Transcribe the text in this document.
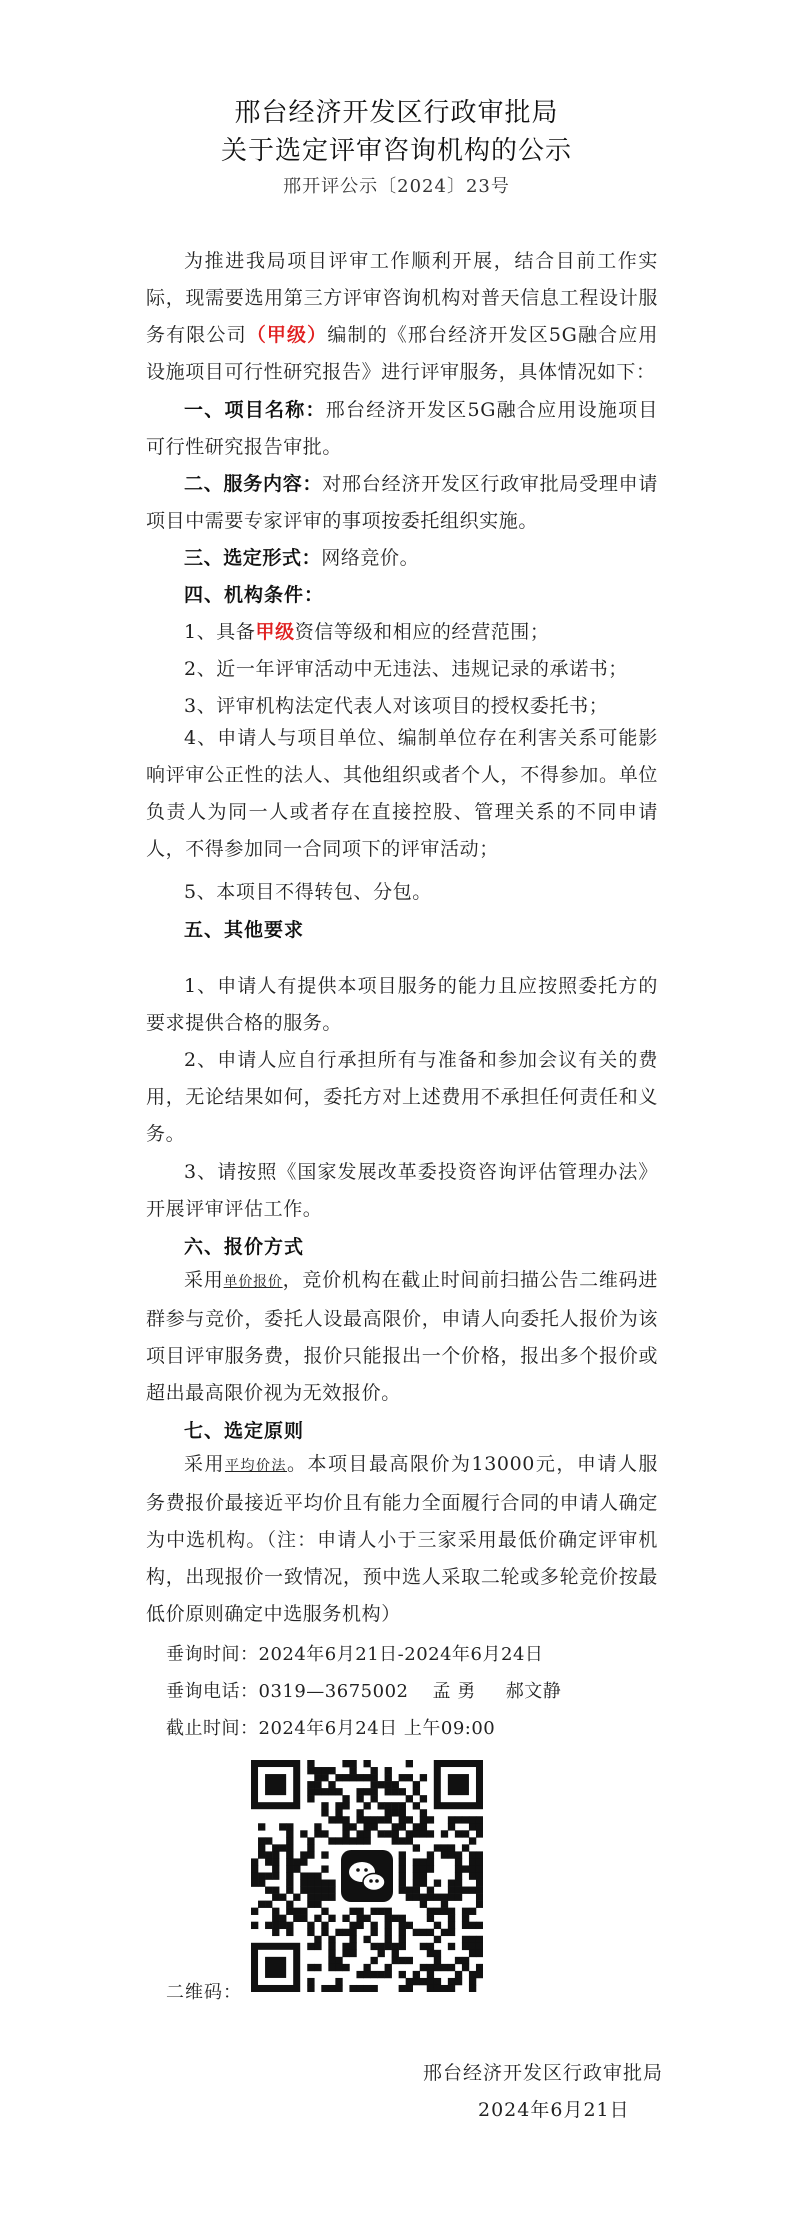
邢台经济开发区行政审批局
关于选定评审咨询机构的公示
邢开评公示〔2024〕23号
为推进我局项目评审工作顺利开展，结合目前工作实际，现需要选用第三方评审咨询机构对普天信息工程设计服务有限公司（甲级）编制的《邢台经济开发区5G融合应用设施项目可行性研究报告》进行评审服务，具体情况如下：
一、项目名称：邢台经济开发区5G融合应用设施项目可行性研究报告审批。
二、服务内容：对邢台经济开发区行政审批局受理申请项目中需要专家评审的事项按委托组织实施。
三、选定形式：网络竞价。
四、机构条件：
1、具备甲级资信等级和相应的经营范围；
2、近一年评审活动中无违法、违规记录的承诺书；
3、评审机构法定代表人对该项目的授权委托书；
4、申请人与项目单位、编制单位存在利害关系可能影响评审公正性的法人、其他组织或者个人，不得参加。单位负责人为同一人或者存在直接控股、管理关系的不同申请人，不得参加同一合同项下的评审活动；
5、本项目不得转包、分包。
五、其他要求
1、申请人有提供本项目服务的能力且应按照委托方的要求提供合格的服务。
2、申请人应自行承担所有与准备和参加会议有关的费用，无论结果如何，委托方对上述费用不承担任何责任和义务。
3、请按照《国家发展改革委投资咨询评估管理办法》开展评审评估工作。
六、报价方式
采用单价报价，竞价机构在截止时间前扫描公告二维码进群参与竞价，委托人设最高限价，申请人向委托人报价为该项目评审服务费，报价只能报出一个价格，报出多个报价或超出最高限价视为无效报价。
七、选定原则
采用平均价法。本项目最高限价为13000元，申请人服务费报价最接近平均价且有能力全面履行合同的申请人确定为中选机构。（注：申请人小于三家采用最低价确定评审机构，出现报价一致情况，预中选人采取二轮或多轮竞价按最低价原则确定中选服务机构）
垂询时间：2024年6月21日-2024年6月24日
垂询电话：0319—3675002 孟 勇 郝文静
截止时间：2024年6月24日 上午09:00
二维码：
邢台经济开发区行政审批局
2024年6月21日
